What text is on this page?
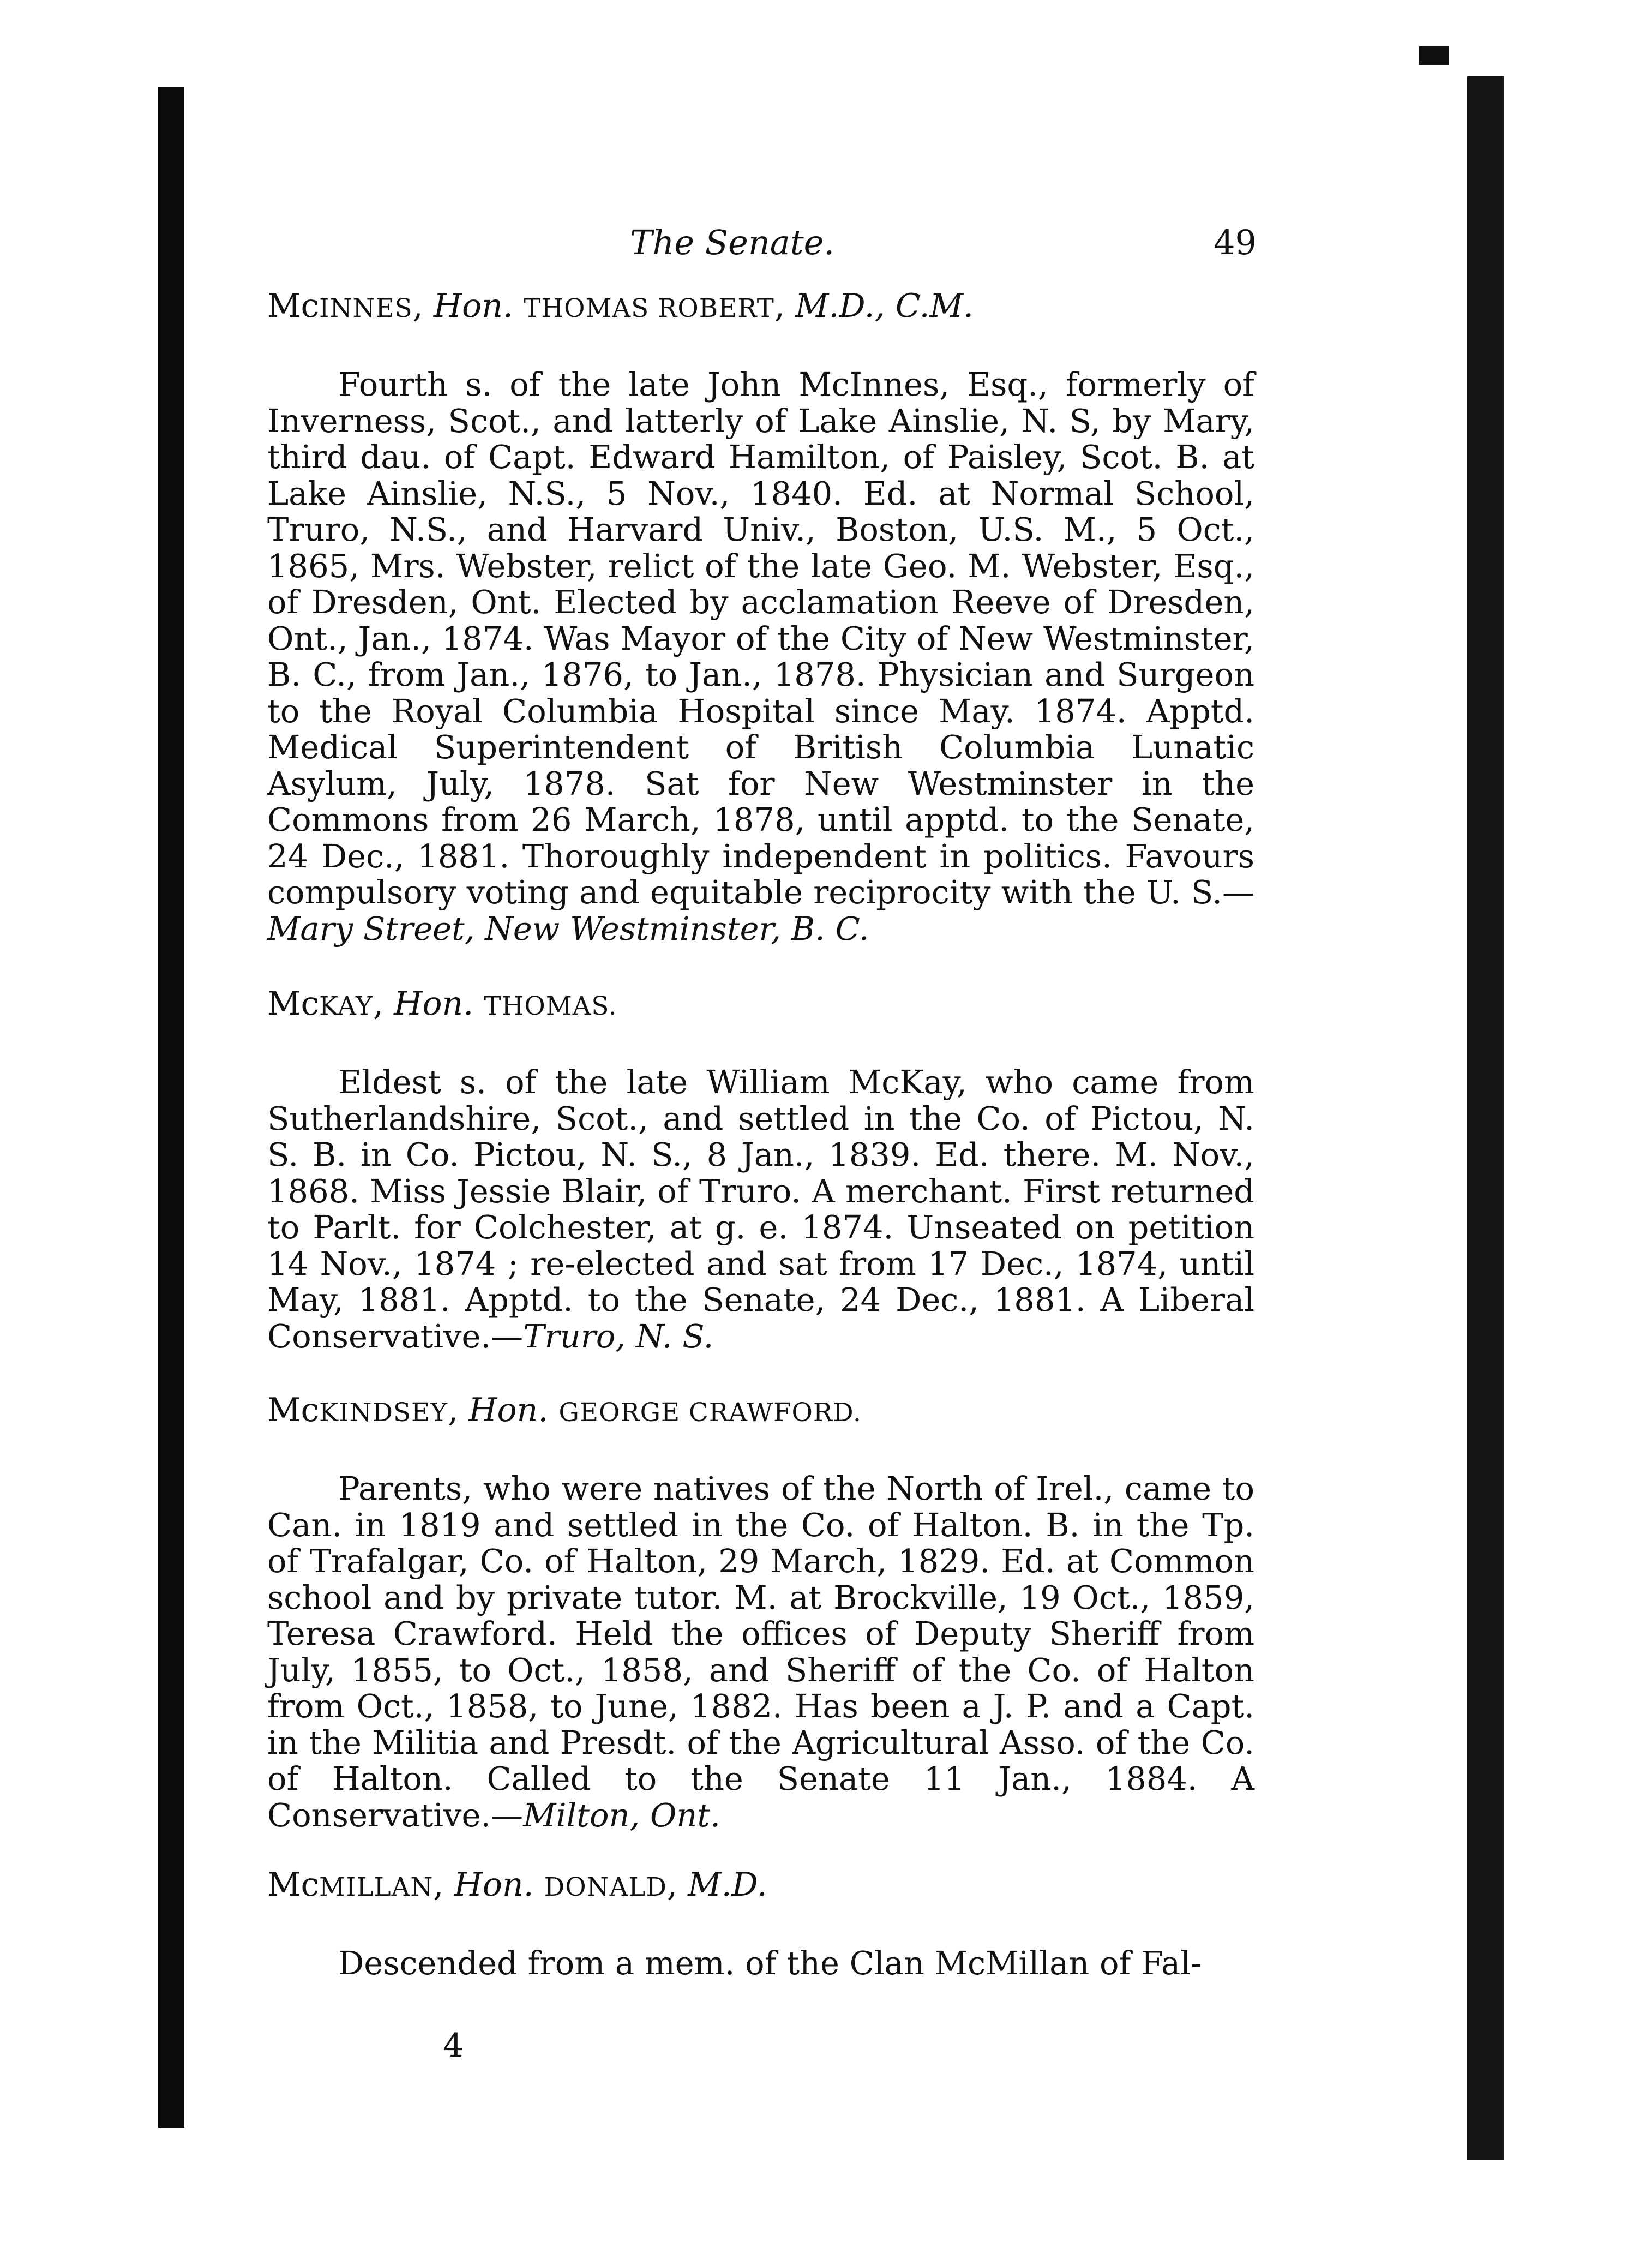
The Senate.	49

McINNES, Hon. THOMAS ROBERT, M.D., C.M.

Fourth s. of the late John McInnes, Esq., formerly of Inverness, Scot., and latterly of Lake Ainslie, N. S, by Mary, third dau. of Capt. Edward Hamilton, of Paisley, Scot. B. at Lake Ainslie, N.S., 5 Nov., 1840. Ed. at Normal School, Truro, N.S., and Harvard Univ., Boston, U.S. M., 5 Oct., 1865, Mrs. Webster, relict of the late Geo. M. Webster, Esq., of Dresden, Ont. Elected by acclamation Reeve of Dresden, Ont., Jan., 1874. Was Mayor of the City of New Westminster, B. C., from Jan., 1876, to Jan., 1878. Physician and Surgeon to the Royal Columbia Hospital since May. 1874. Apptd. Medical Superintendent of British Columbia Lunatic Asylum, July, 1878. Sat for New Westminster in the Commons from 26 March, 1878, until apptd. to the Senate, 24 Dec., 1881. Thoroughly independent in politics. Favours compulsory voting and equitable reciprocity with the U. S.—Mary Street, New Westminster, B. C.

McKAY, Hon. THOMAS.

Eldest s. of the late William McKay, who came from Sutherlandshire, Scot., and settled in the Co. of Pictou, N. S. B. in Co. Pictou, N. S., 8 Jan., 1839. Ed. there. M. Nov., 1868. Miss Jessie Blair, of Truro. A merchant. First returned to Parlt. for Colchester, at g. e. 1874. Unseated on petition 14 Nov., 1874 ; re-elected and sat from 17 Dec., 1874, until May, 1881. Apptd. to the Senate, 24 Dec., 1881. A Liberal Conservative.—Truro, N. S.

McKINDSEY, Hon. GEORGE CRAWFORD.

Parents, who were natives of the North of Irel., came to Can. in 1819 and settled in the Co. of Halton. B. in the Tp. of Trafalgar, Co. of Halton, 29 March, 1829. Ed. at Common school and by private tutor. M. at Brockville, 19 Oct., 1859, Teresa Crawford. Held the offices of Deputy Sheriff from July, 1855, to Oct., 1858, and Sheriff of the Co. of Halton from Oct., 1858, to June, 1882. Has been a J. P. and a Capt. in the Militia and Presdt. of the Agricultural Asso. of the Co. of Halton. Called to the Senate 11 Jan., 1884. A Conservative.—Milton, Ont.

McMILLAN, Hon. DONALD, M.D.

Descended from a mem. of the Clan McMillan of Fal-

4
